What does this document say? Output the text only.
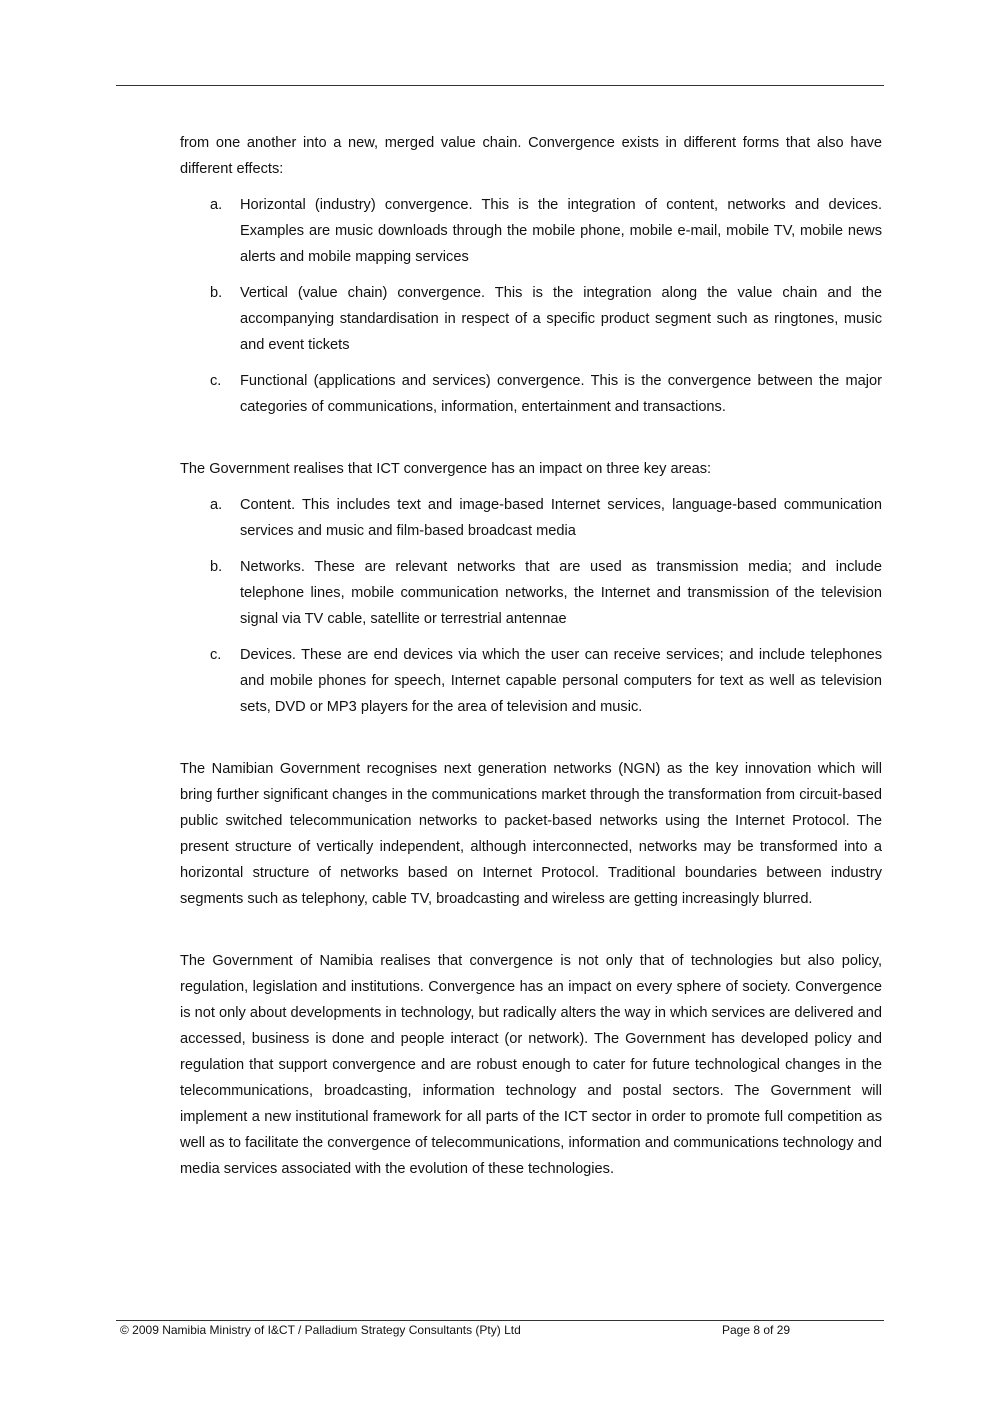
from one another into a new, merged value chain. Convergence exists in different forms that also have different effects:

a. Horizontal (industry) convergence. This is the integration of content, networks and devices. Examples are music downloads through the mobile phone, mobile e-mail, mobile TV, mobile news alerts and mobile mapping services
b. Vertical (value chain) convergence. This is the integration along the value chain and the accompanying standardisation in respect of a specific product segment such as ringtones, music and event tickets
c. Functional (applications and services) convergence. This is the convergence between the major categories of communications, information, entertainment and transactions.

The Government realises that ICT convergence has an impact on three key areas:

a. Content. This includes text and image-based Internet services, language-based communication services and music and film-based broadcast media
b. Networks. These are relevant networks that are used as transmission media; and include telephone lines, mobile communication networks, the Internet and transmission of the television signal via TV cable, satellite or terrestrial antennae
c. Devices. These are end devices via which the user can receive services; and include telephones and mobile phones for speech, Internet capable personal computers for text as well as television sets, DVD or MP3 players for the area of television and music.

The Namibian Government recognises next generation networks (NGN) as the key innovation which will bring further significant changes in the communications market through the transformation from circuit-based public switched telecommunication networks to packet-based networks using the Internet Protocol. The present structure of vertically independent, although interconnected, networks may be transformed into a horizontal structure of networks based on Internet Protocol. Traditional boundaries between industry segments such as telephony, cable TV, broadcasting and wireless are getting increasingly blurred.

The Government of Namibia realises that convergence is not only that of technologies but also policy, regulation, legislation and institutions. Convergence has an impact on every sphere of society. Convergence is not only about developments in technology, but radically alters the way in which services are delivered and accessed, business is done and people interact (or network). The Government has developed policy and regulation that support convergence and are robust enough to cater for future technological changes in the telecommunications, broadcasting, information technology and postal sectors. The Government will implement a new institutional framework for all parts of the ICT sector in order to promote full competition as well as to facilitate the convergence of telecommunications, information and communications technology and media services associated with the evolution of these technologies.

© 2009 Namibia Ministry of I&CT / Palladium Strategy Consultants (Pty) Ltd	Page 8 of 29
